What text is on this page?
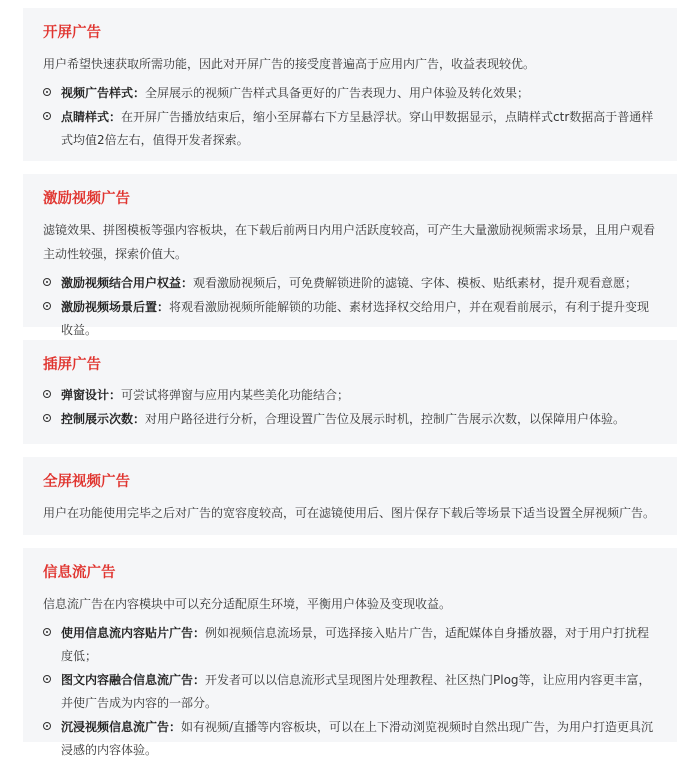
开屏广告
用户希望快速获取所需功能，因此对开屏广告的接受度普遍高于应用内广告，收益表现较优。
视频广告样式：全屏展示的视频广告样式具备更好的广告表现力、用户体验及转化效果；
点睛样式：在开屏广告播放结束后，缩小至屏幕右下方呈悬浮状。穿山甲数据显示，点睛样式ctr数据高于普通样式均值2倍左右，值得开发者探索。
激励视频广告
滤镜效果、拼图模板等强内容板块，在下载后前两日内用户活跃度较高，可产生大量激励视频需求场景，且用户观看主动性较强，探索价值大。
激励视频结合用户权益：观看激励视频后，可免费解锁进阶的滤镜、字体、模板、贴纸素材，提升观看意愿；
激励视频场景后置：将观看激励视频所能解锁的功能、素材选择权交给用户，并在观看前展示，有利于提升变现收益。
插屏广告
弹窗设计：可尝试将弹窗与应用内某些美化功能结合；
控制展示次数：对用户路径进行分析，合理设置广告位及展示时机，控制广告展示次数，以保障用户体验。
全屏视频广告
用户在功能使用完毕之后对广告的宽容度较高，可在滤镜使用后、图片保存下载后等场景下适当设置全屏视频广告。
信息流广告
信息流广告在内容模块中可以充分适配原生环境，平衡用户体验及变现收益。
使用信息流内容贴片广告：例如视频信息流场景，可选择接入贴片广告，适配媒体自身播放器，对于用户打扰程度低；
图文内容融合信息流广告：开发者可以以信息流形式呈现图片处理教程、社区热门Plog等，让应用内容更丰富，并使广告成为内容的一部分。
沉浸视频信息流广告：如有视频/直播等内容板块，可以在上下滑动浏览视频时自然出现广告，为用户打造更具沉浸感的内容体验。
